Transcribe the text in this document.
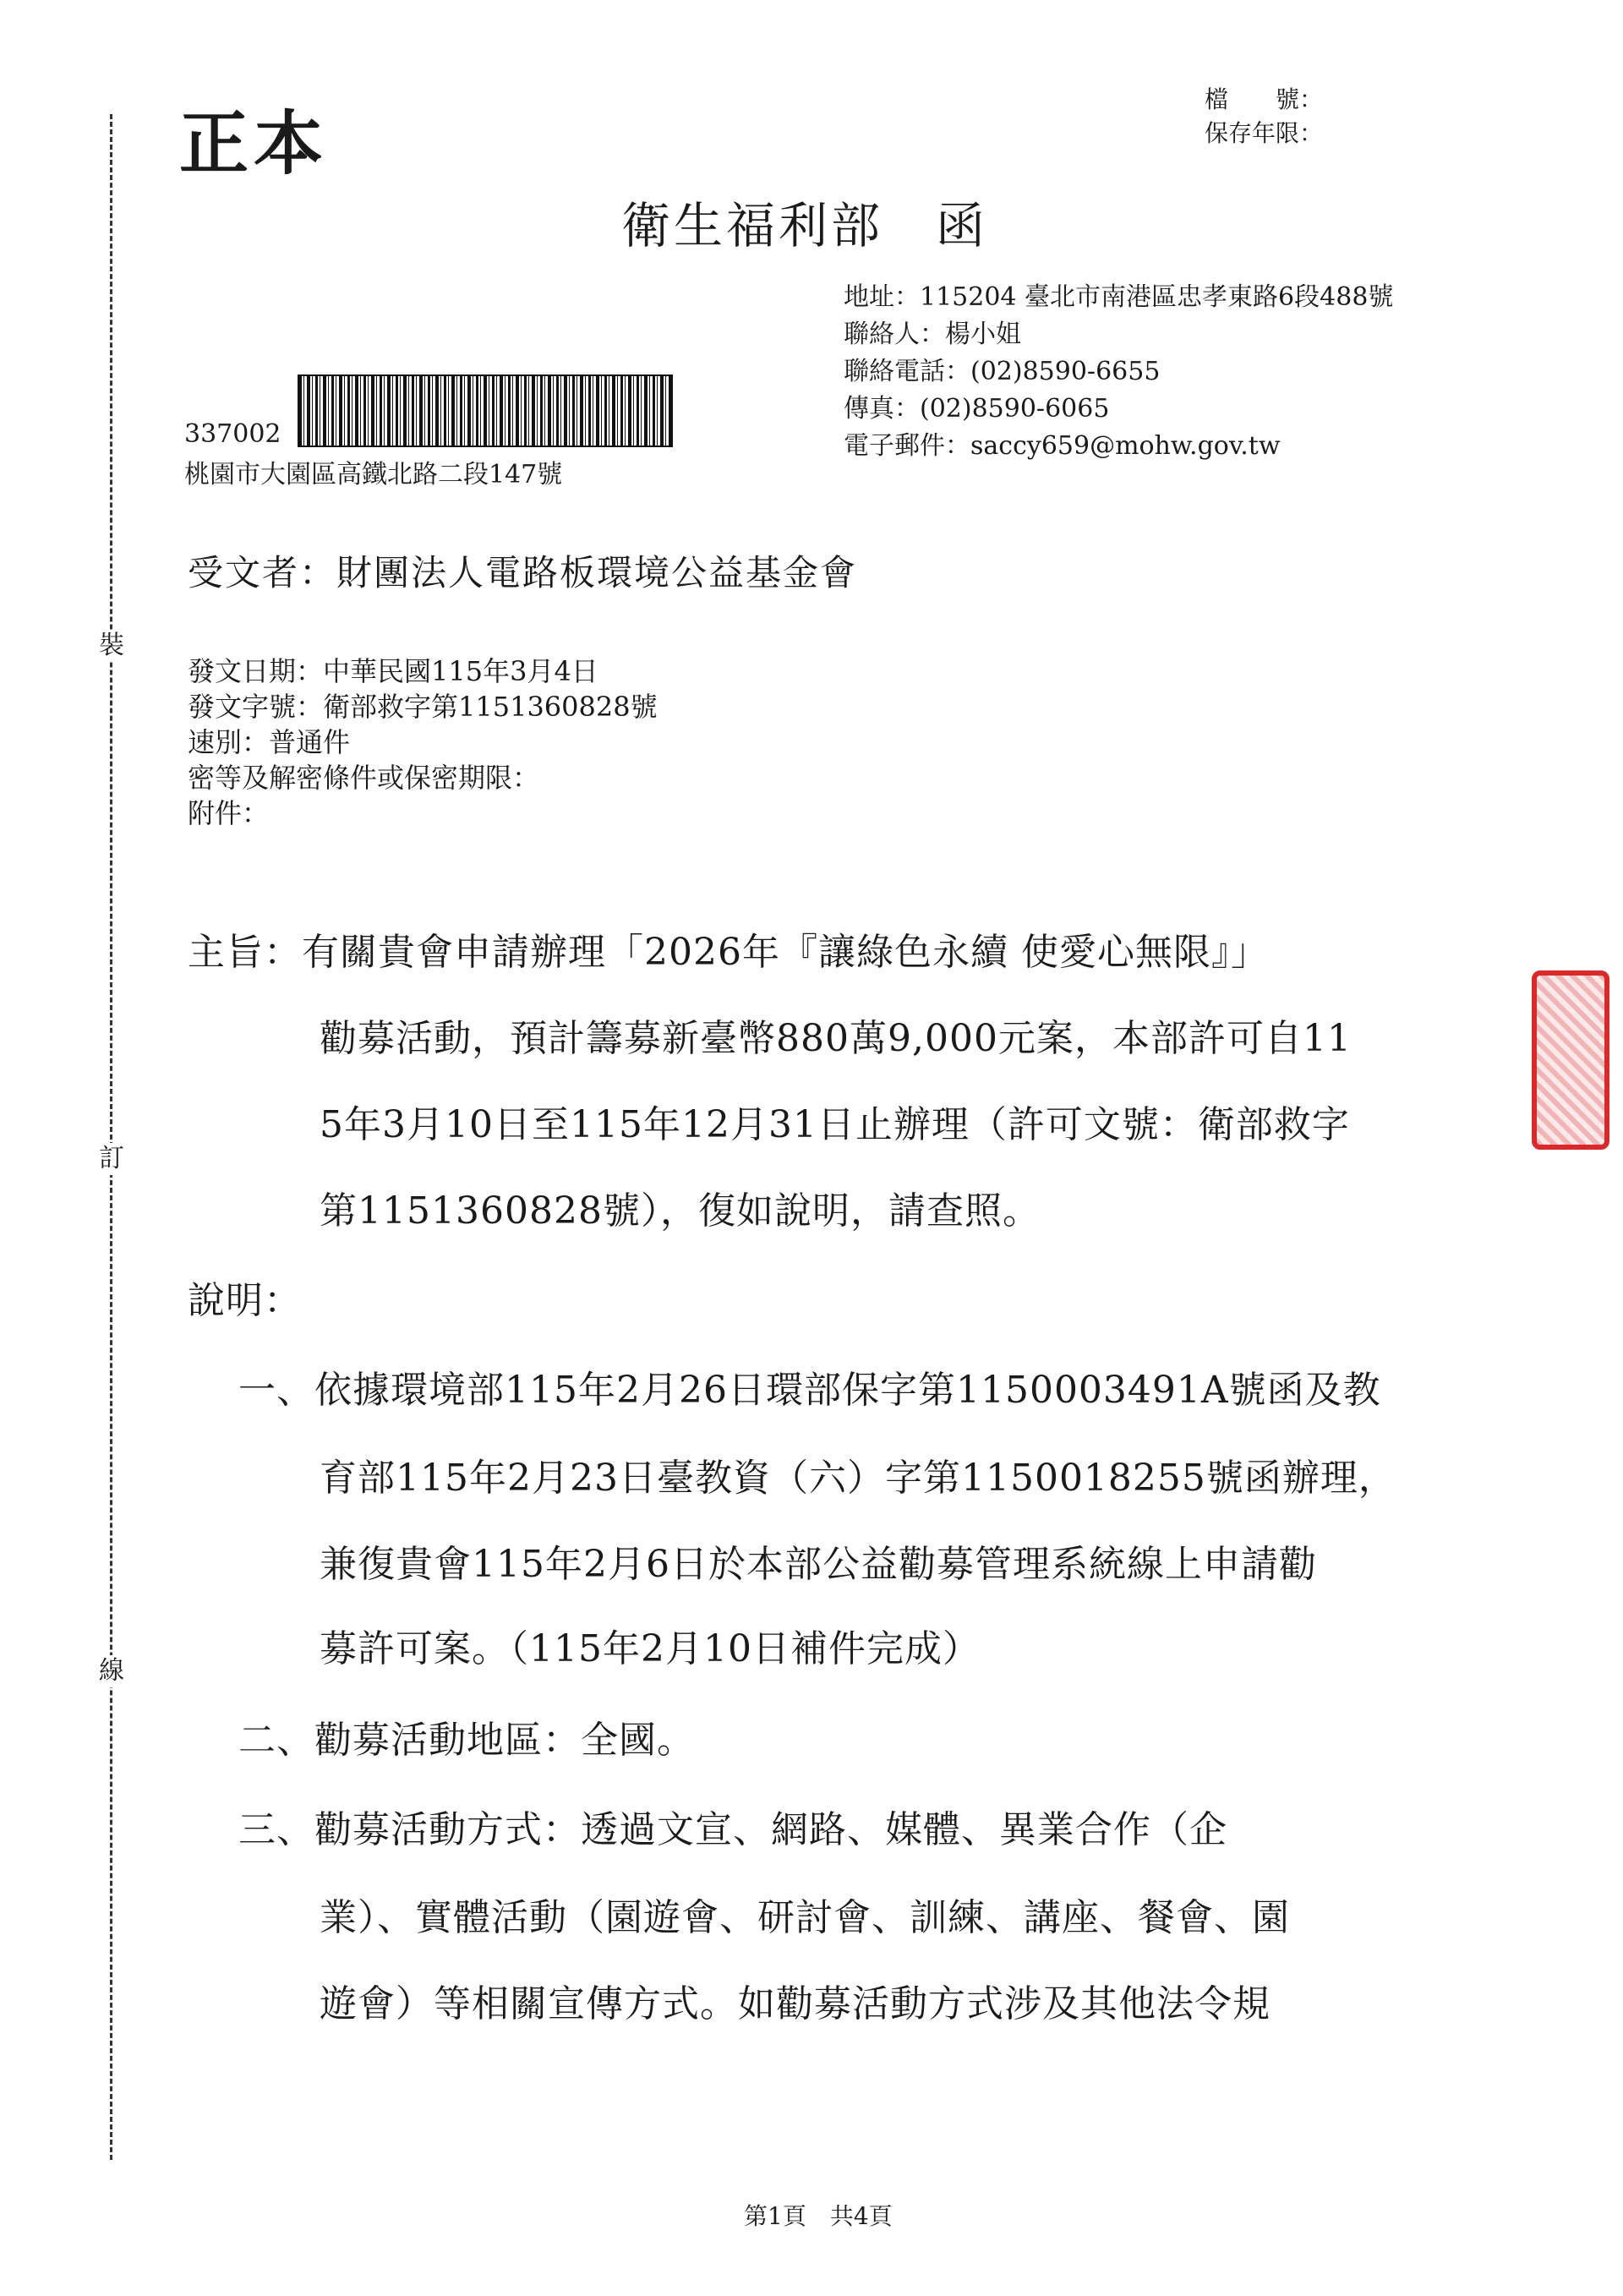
裝
訂
線
正本
檔　　號：
保存年限：
衛生福利部　函
地址：115204 臺北市南港區忠孝東路6段488號
聯絡人：楊小姐
聯絡電話：(02)8590-6655
傳真：(02)8590-6065
電子郵件：saccy659@mohw.gov.tw
337002
桃園市大園區高鐵北路二段147號
受文者：財團法人電路板環境公益基金會
發文日期：中華民國115年3月4日
發文字號：衛部救字第1151360828號
速別：普通件
密等及解密條件或保密期限：
附件：
主旨：有關貴會申請辦理「2026年『讓綠色永續 使愛心無限』」
勸募活動，預計籌募新臺幣880萬9,000元案，本部許可自11
5年3月10日至115年12月31日止辦理（許可文號：衛部救字
第1151360828號），復如說明，請查照。
說明：
一、依據環境部115年2月26日環部保字第1150003491A號函及教
育部115年2月23日臺教資（六）字第1150018255號函辦理，
兼復貴會115年2月6日於本部公益勸募管理系統線上申請勸
募許可案。（115年2月10日補件完成）
二、勸募活動地區：全國。
三、勸募活動方式：透過文宣、網路、媒體、異業合作（企
業）、實體活動（園遊會、研討會、訓練、講座、餐會、園
遊會）等相關宣傳方式。如勸募活動方式涉及其他法令規
第1頁　共4頁
